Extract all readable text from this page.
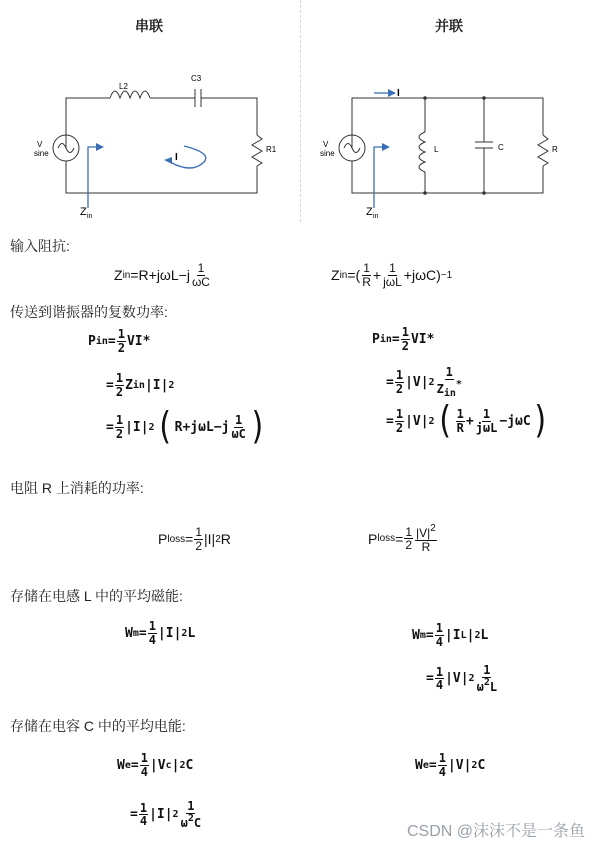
串联	并联
L2
C3
R1
V
sine	I
Z in
I
L	C	R
V
sine
Z in
输入阻抗:
传送到谐振器的复数功率:
电阻 R 上消耗的功率:
存储在电感 L 中的平均磁能:
存储在电容 C 中的平均电能:
Z in $=R+j\omega L-j \frac{1}{\omega C}$	Z in =( $\frac{1}{R} + \frac{1}{\text{jωL}} +j\omega C) -1$
P in = $\frac{1}{2} VI*$
= $\frac{1}{2}$ Z in |I| 2
= $\frac{1}{2} |I|$ 2 ( $R+j\omega L-j \frac{1}{\omega C}$ )
P in = $\frac{1}{2} VI*$
= $\frac{1}{2} |V|$ $2 \frac{1}{Z_{in}^*}$
= $\frac{1}{2} |V|$ 2 ( $\frac{1}{R} + \frac{1}{\text{jωL}} -j\omega C$ )
P loss = $\frac{1}{2} |I|$ 2 R	P loss = $\frac{1}{2} \frac{|V|^2}{R}$
W $m = \frac{1}{4} |I|$ 2 L	W $m = \frac{1}{4} |I$ L | 2 L
= $\frac{1}{4} |V|$ $2 \frac{1}{\omega^2L}$
W $e = \frac{1}{4} |V$ c | 2 C
= $\frac{1}{4} |I|$ $2 \frac{1}{\omega^2C}$
W $e = \frac{1}{4} |V|$ 2 C
CSDN @沫沫不是一条鱼
